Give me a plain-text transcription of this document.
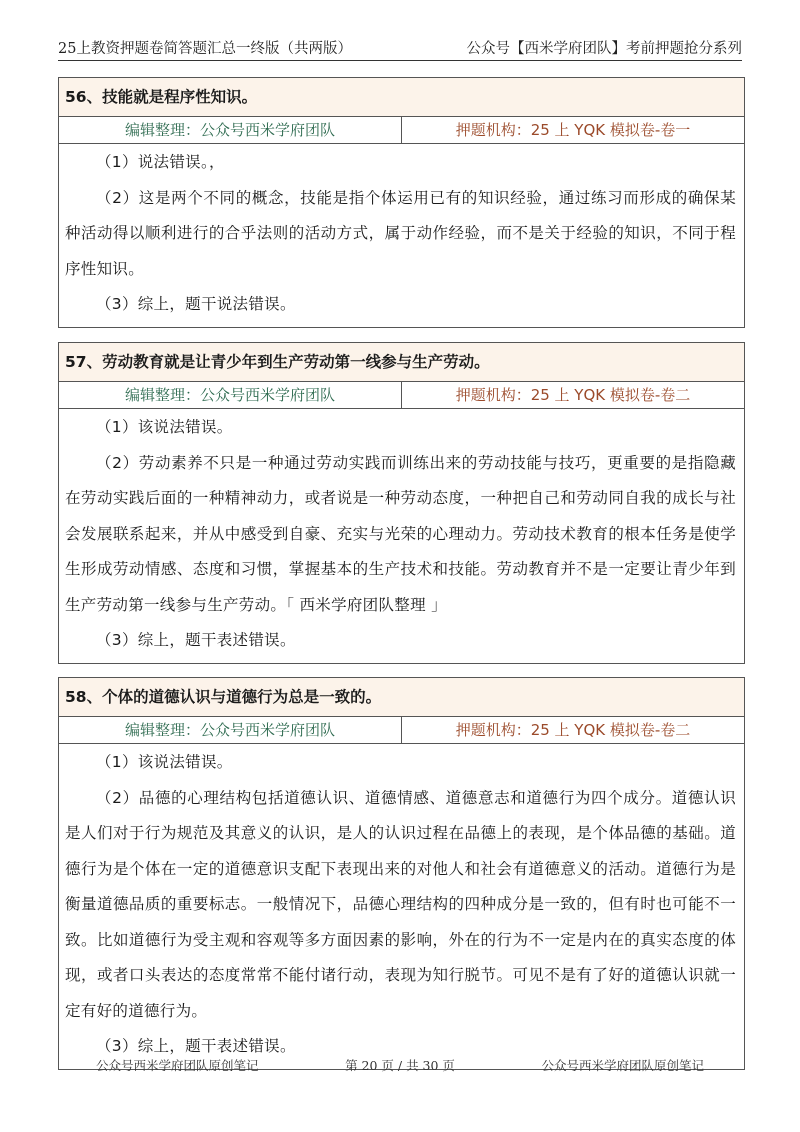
25上教资押题卷简答题汇总一终版（共两版）	公众号【西米学府团队】考前押题抢分系列
56、技能就是程序性知识。
编辑整理：公众号西米学府团队	押题机构：25 上 YQK 模拟卷-卷一

（1）说法错误。，

（2）这是两个不同的概念，技能是指个体运用已有的知识经验，通过练习而形成的确保某种活动得以顺利进行的合乎法则的活动方式，属于动作经验，而不是关于经验的知识，不同于程序性知识。

（3）综上，题干说法错误。

57、劳动教育就是让青少年到生产劳动第一线参与生产劳动。
编辑整理：公众号西米学府团队	押题机构：25 上 YQK 模拟卷-卷二

（1）该说法错误。

（2）劳动素养不只是一种通过劳动实践而训练出来的劳动技能与技巧，更重要的是指隐藏在劳动实践后面的一种精神动力，或者说是一种劳动态度，一种把自己和劳动同自我的成长与社会发展联系起来，并从中感受到自豪、充实与光荣的心理动力。劳动技术教育的根本任务是使学生形成劳动情感、态度和习惯，掌握基本的生产技术和技能。劳动教育并不是一定要让青少年到生产劳动第一线参与生产劳动。「 西米学府团队整理 」

（3）综上，题干表述错误。

58、个体的道德认识与道德行为总是一致的。
编辑整理：公众号西米学府团队	押题机构：25 上 YQK 模拟卷-卷二

（1）该说法错误。

（2）品德的心理结构包括道德认识、道德情感、道德意志和道德行为四个成分。道德认识是人们对于行为规范及其意义的认识，是人的认识过程在品德上的表现，是个体品德的基础。道德行为是个体在一定的道德意识支配下表现出来的对他人和社会有道德意义的活动。道德行为是衡量道德品质的重要标志。一般情况下，品德心理结构的四种成分是一致的，但有时也可能不一致。比如道德行为受主观和容观等多方面因素的影响，外在的行为不一定是内在的真实态度的体现，或者口头表达的态度常常不能付诸行动，表现为知行脱节。可见不是有了好的道德认识就一定有好的道德行为。

（3）综上，题干表述错误。

公众号西米学府团队原创笔记	第 20 页 / 共 30 页	公众号西米学府团队原创笔记
